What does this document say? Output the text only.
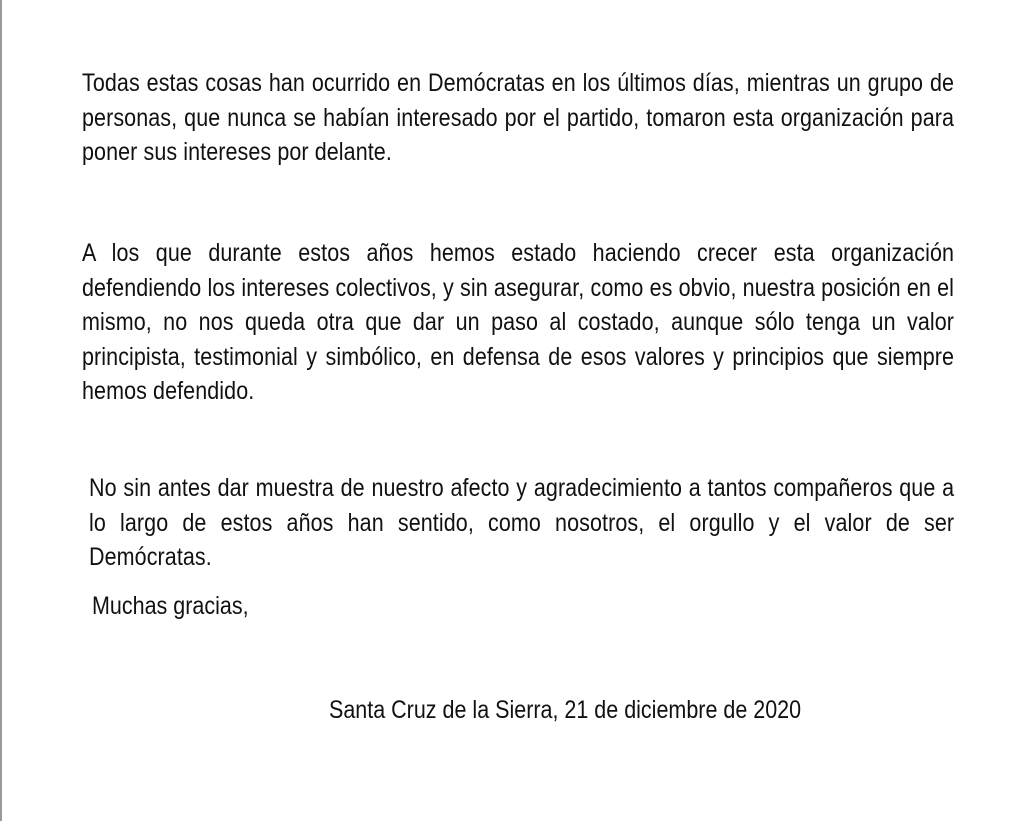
Todas estas cosas han ocurrido en Demócratas en los últimos días, mientras un grupo de personas, que nunca se habían interesado por el partido, tomaron esta organización para poner sus intereses por delante.

A los que durante estos años hemos estado haciendo crecer esta organización defendiendo los intereses colectivos, y sin asegurar, como es obvio, nuestra posición en el mismo, no nos queda otra que dar un paso al costado, aunque sólo tenga un valor principista, testimonial y simbólico, en defensa de esos valores y principios que siempre hemos defendido.

No sin antes dar muestra de nuestro afecto y agradecimiento a tantos compañeros que a lo largo de estos años han sentido, como nosotros, el orgullo y el valor de ser Demócratas.

Muchas gracias,

Santa Cruz de la Sierra, 21 de diciembre de 2020
